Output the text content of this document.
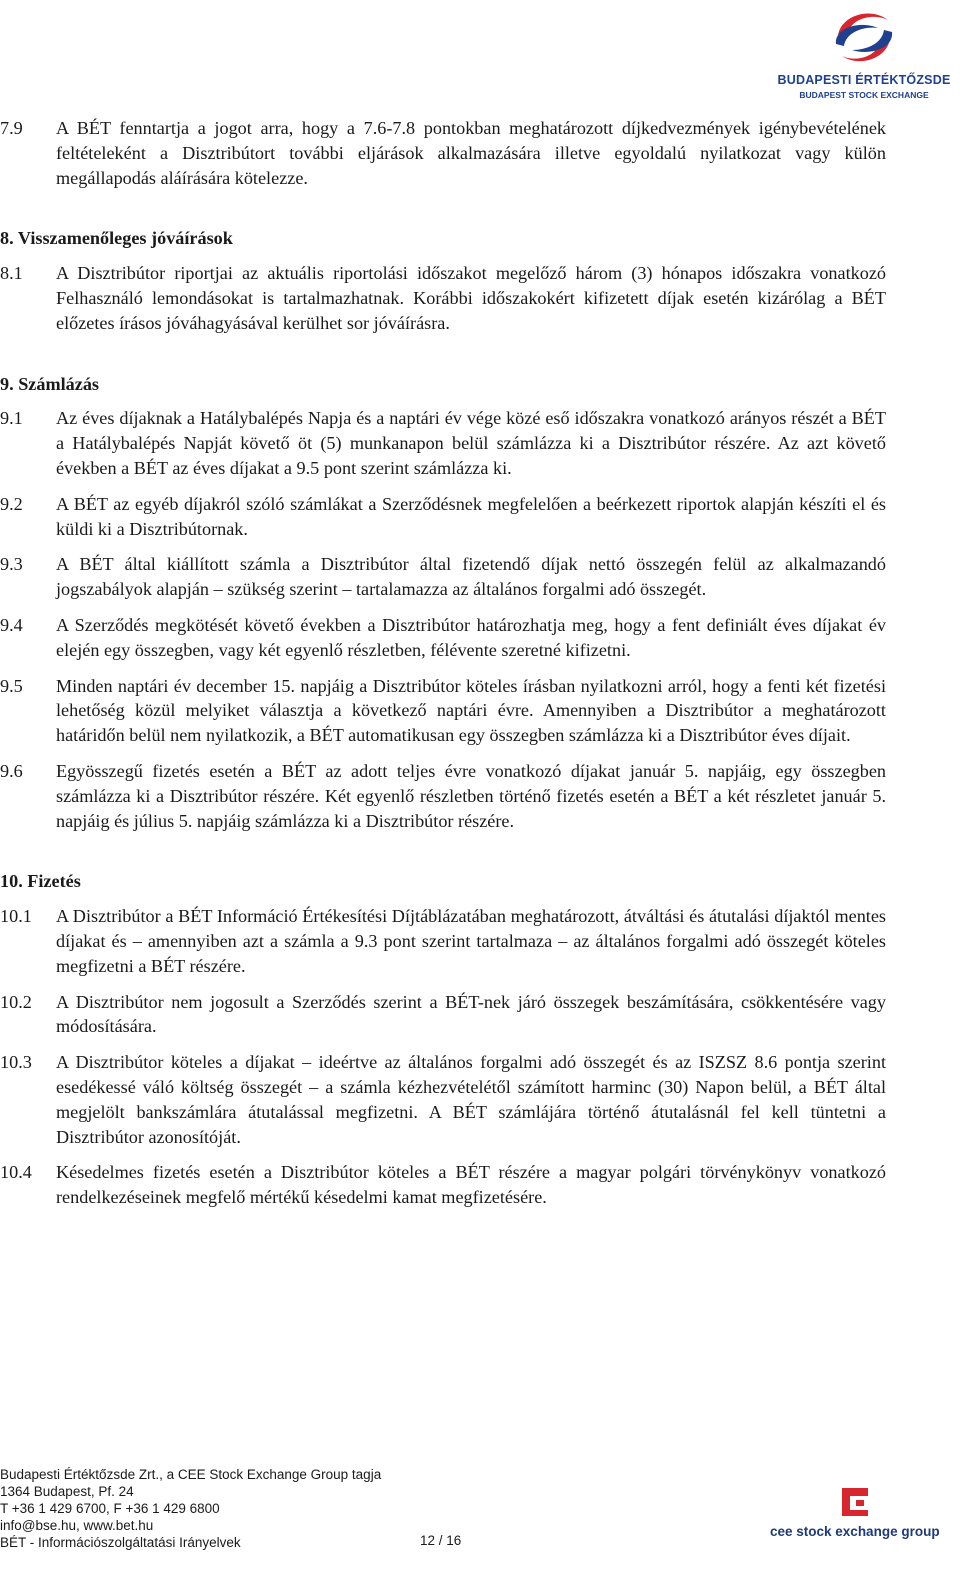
BUDAPESTI ÉRTÉKTŐZSDE
BUDAPEST STOCK EXCHANGE
7.9 A BÉT fenntartja a jogot arra, hogy a 7.6-7.8 pontokban meghatározott díjkedvezmények igénybevételének feltételeként a Disztribútort további eljárások alkalmazására illetve egyoldalú nyilatkozat vagy külön megállapodás aláírására kötelezze.
8. Visszamenőleges jóváírások
8.1 A Disztribútor riportjai az aktuális riportolási időszakot megelőző három (3) hónapos időszakra vonatkozó Felhasználó lemondásokat is tartalmazhatnak. Korábbi időszakokért kifizetett díjak esetén kizárólag a BÉT előzetes írásos jóváhagyásával kerülhet sor jóváírásra.
9. Számlázás
9.1 Az éves díjaknak a Hatálybalépés Napja és a naptári év vége közé eső időszakra vonatkozó arányos részét a BÉT a Hatálybalépés Napját követő öt (5) munkanapon belül számlázza ki a Disztribútor részére. Az azt követő években a BÉT az éves díjakat a 9.5 pont szerint számlázza ki.
9.2 A BÉT az egyéb díjakról szóló számlákat a Szerződésnek megfelelően a beérkezett riportok alapján készíti el és küldi ki a Disztribútornak.
9.3 A BÉT által kiállított számla a Disztribútor által fizetendő díjak nettó összegén felül az alkalmazandó jogszabályok alapján – szükség szerint – tartalamazza az általános forgalmi adó összegét.
9.4 A Szerződés megkötését követő években a Disztribútor határozhatja meg, hogy a fent definiált éves díjakat év elején egy összegben, vagy két egyenlő részletben, félévente szeretné kifizetni.
9.5 Minden naptári év december 15. napjáig a Disztribútor köteles írásban nyilatkozni arról, hogy a fenti két fizetési lehetőség közül melyiket választja a következő naptári évre. Amennyiben a Disztribútor a meghatározott határidőn belül nem nyilatkozik, a BÉT automatikusan egy összegben számlázza ki a Disztribútor éves díjait.
9.6 Egyösszegű fizetés esetén a BÉT az adott teljes évre vonatkozó díjakat január 5. napjáig, egy összegben számlázza ki a Disztribútor részére. Két egyenlő részletben történő fizetés esetén a BÉT a két részletet január 5. napjáig és július 5. napjáig számlázza ki a Disztribútor részére.
10. Fizetés
10.1 A Disztribútor a BÉT Információ Értékesítési Díjtáblázatában meghatározott, átváltási és átutalási díjaktól mentes díjakat és – amennyiben azt a számla a 9.3 pont szerint tartalmaza – az általános forgalmi adó összegét köteles megfizetni a BÉT részére.
10.2 A Disztribútor nem jogosult a Szerződés szerint a BÉT-nek járó összegek beszámítására, csökkentésére vagy módosítására.
10.3 A Disztribútor köteles a díjakat – ideértve az általános forgalmi adó összegét és az ISZSZ 8.6 pontja szerint esedékessé váló költség összegét – a számla kézhezvételétől számított harminc (30) Napon belül, a BÉT által megjelölt bankszámlára átutalással megfizetni. A BÉT számlájára történő átutalásnál fel kell tüntetni a Disztribútor azonosítóját.
10.4 Késedelmes fizetés esetén a Disztribútor köteles a BÉT részére a magyar polgári törvénykönyv vonatkozó rendelkezéseinek megfelő mértékű késedelmi kamat megfizetésére.
Budapesti Értéktőzsde Zrt., a CEE Stock Exchange Group tagja
1364 Budapest, Pf. 24
T +36 1 429 6700, F +36 1 429 6800
info@bse.hu, www.bet.hu
BÉT - Információszolgáltatási Irányelvek	12 / 16
cee stock exchange group
